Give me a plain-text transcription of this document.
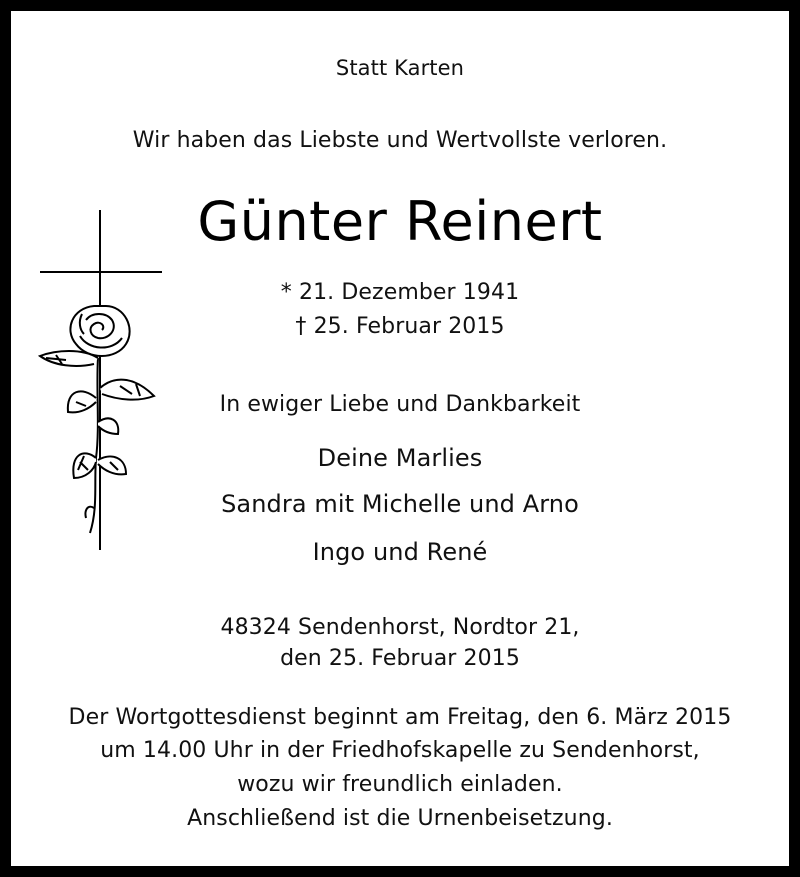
Statt Karten
Wir haben das Liebste und Wertvollste verloren.
Günter Reinert
* 21. Dezember 1941
† 25. Februar 2015
In ewiger Liebe und Dankbarkeit
Deine Marlies
Sandra mit Michelle und Arno
Ingo und René
48324 Sendenhorst, Nordtor 21,
den 25. Februar 2015
Der Wortgottesdienst beginnt am Freitag, den 6. März 2015
um 14.00 Uhr in der Friedhofskapelle zu Sendenhorst,
wozu wir freundlich einladen.
Anschließend ist die Urnenbeisetzung.
